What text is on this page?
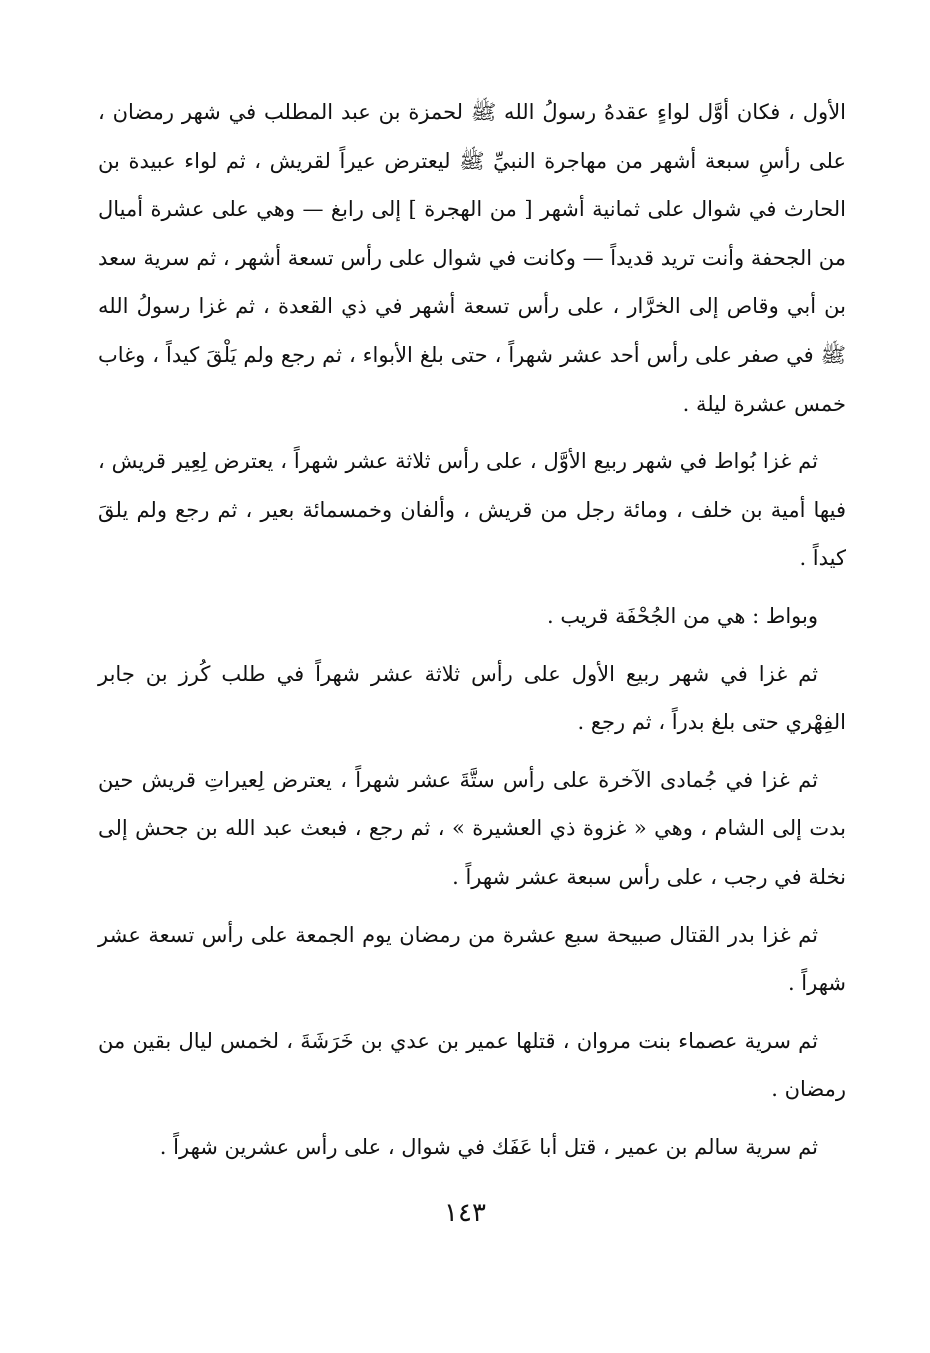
الأول ، فكان أوَّل لواءٍ عقدهُ رسولُ الله ﷺ لحمزة بن عبد المطلب في شهر رمضان ، على رأسِ سبعة أشهر من مهاجرة النبيِّ ﷺ ليعترض عيراً لقريش ، ثم لواء عبيدة بن الحارث في شوال على ثمانية أشهر [ من الهجرة ] إلى رابغ — وهي على عشرة أميال من الجحفة وأنت تريد قديداً — وكانت في شوال على رأس تسعة أشهر ، ثم سرية سعد بن أبي وقاص إلى الخرَّار ، على رأس تسعة أشهر في ذي القعدة ، ثم غزا رسولُ الله ﷺ في صفر على رأس أحد عشر شهراً ، حتى بلغ الأبواء ، ثم رجع ولم يَلْقَ كيداً ، وغاب خمس عشرة ليلة .

ثم غزا بُواط في شهر ربيع الأوَّل ، على رأس ثلاثة عشر شهراً ، يعترض لِعِير قريش ، فيها أمية بن خلف ، ومائة رجل من قريش ، وألفان وخمسمائة بعير ، ثم رجع ولم يلقَ كيداً .

وبواط : هي من الجُحْفَة قريب .

ثم غزا في شهر ربيع الأول على رأس ثلاثة عشر شهراً في طلب كُرز بن جابر الفِهْري حتى بلغ بدراً ، ثم رجع .

ثم غزا في جُمادى الآخرة على رأس ستَّةَ عشر شهراً ، يعترض لِعيراتِ قريش حين بدت إلى الشام ، وهي « غزوة ذي العشيرة » ، ثم رجع ، فبعث عبد الله بن جحش إلى نخلة في رجب ، على رأس سبعة عشر شهراً .

ثم غزا بدر القتال صبيحة سبع عشرة من رمضان يوم الجمعة على رأس تسعة عشر شهراً .

ثم سرية عصماء بنت مروان ، قتلها عمير بن عدي بن خَرَشَةَ ، لخمس ليال بقين من رمضان .

ثم سرية سالم بن عمير ، قتل أبا عَفَك في شوال ، على رأس عشرين شهراً .

١٤٣
